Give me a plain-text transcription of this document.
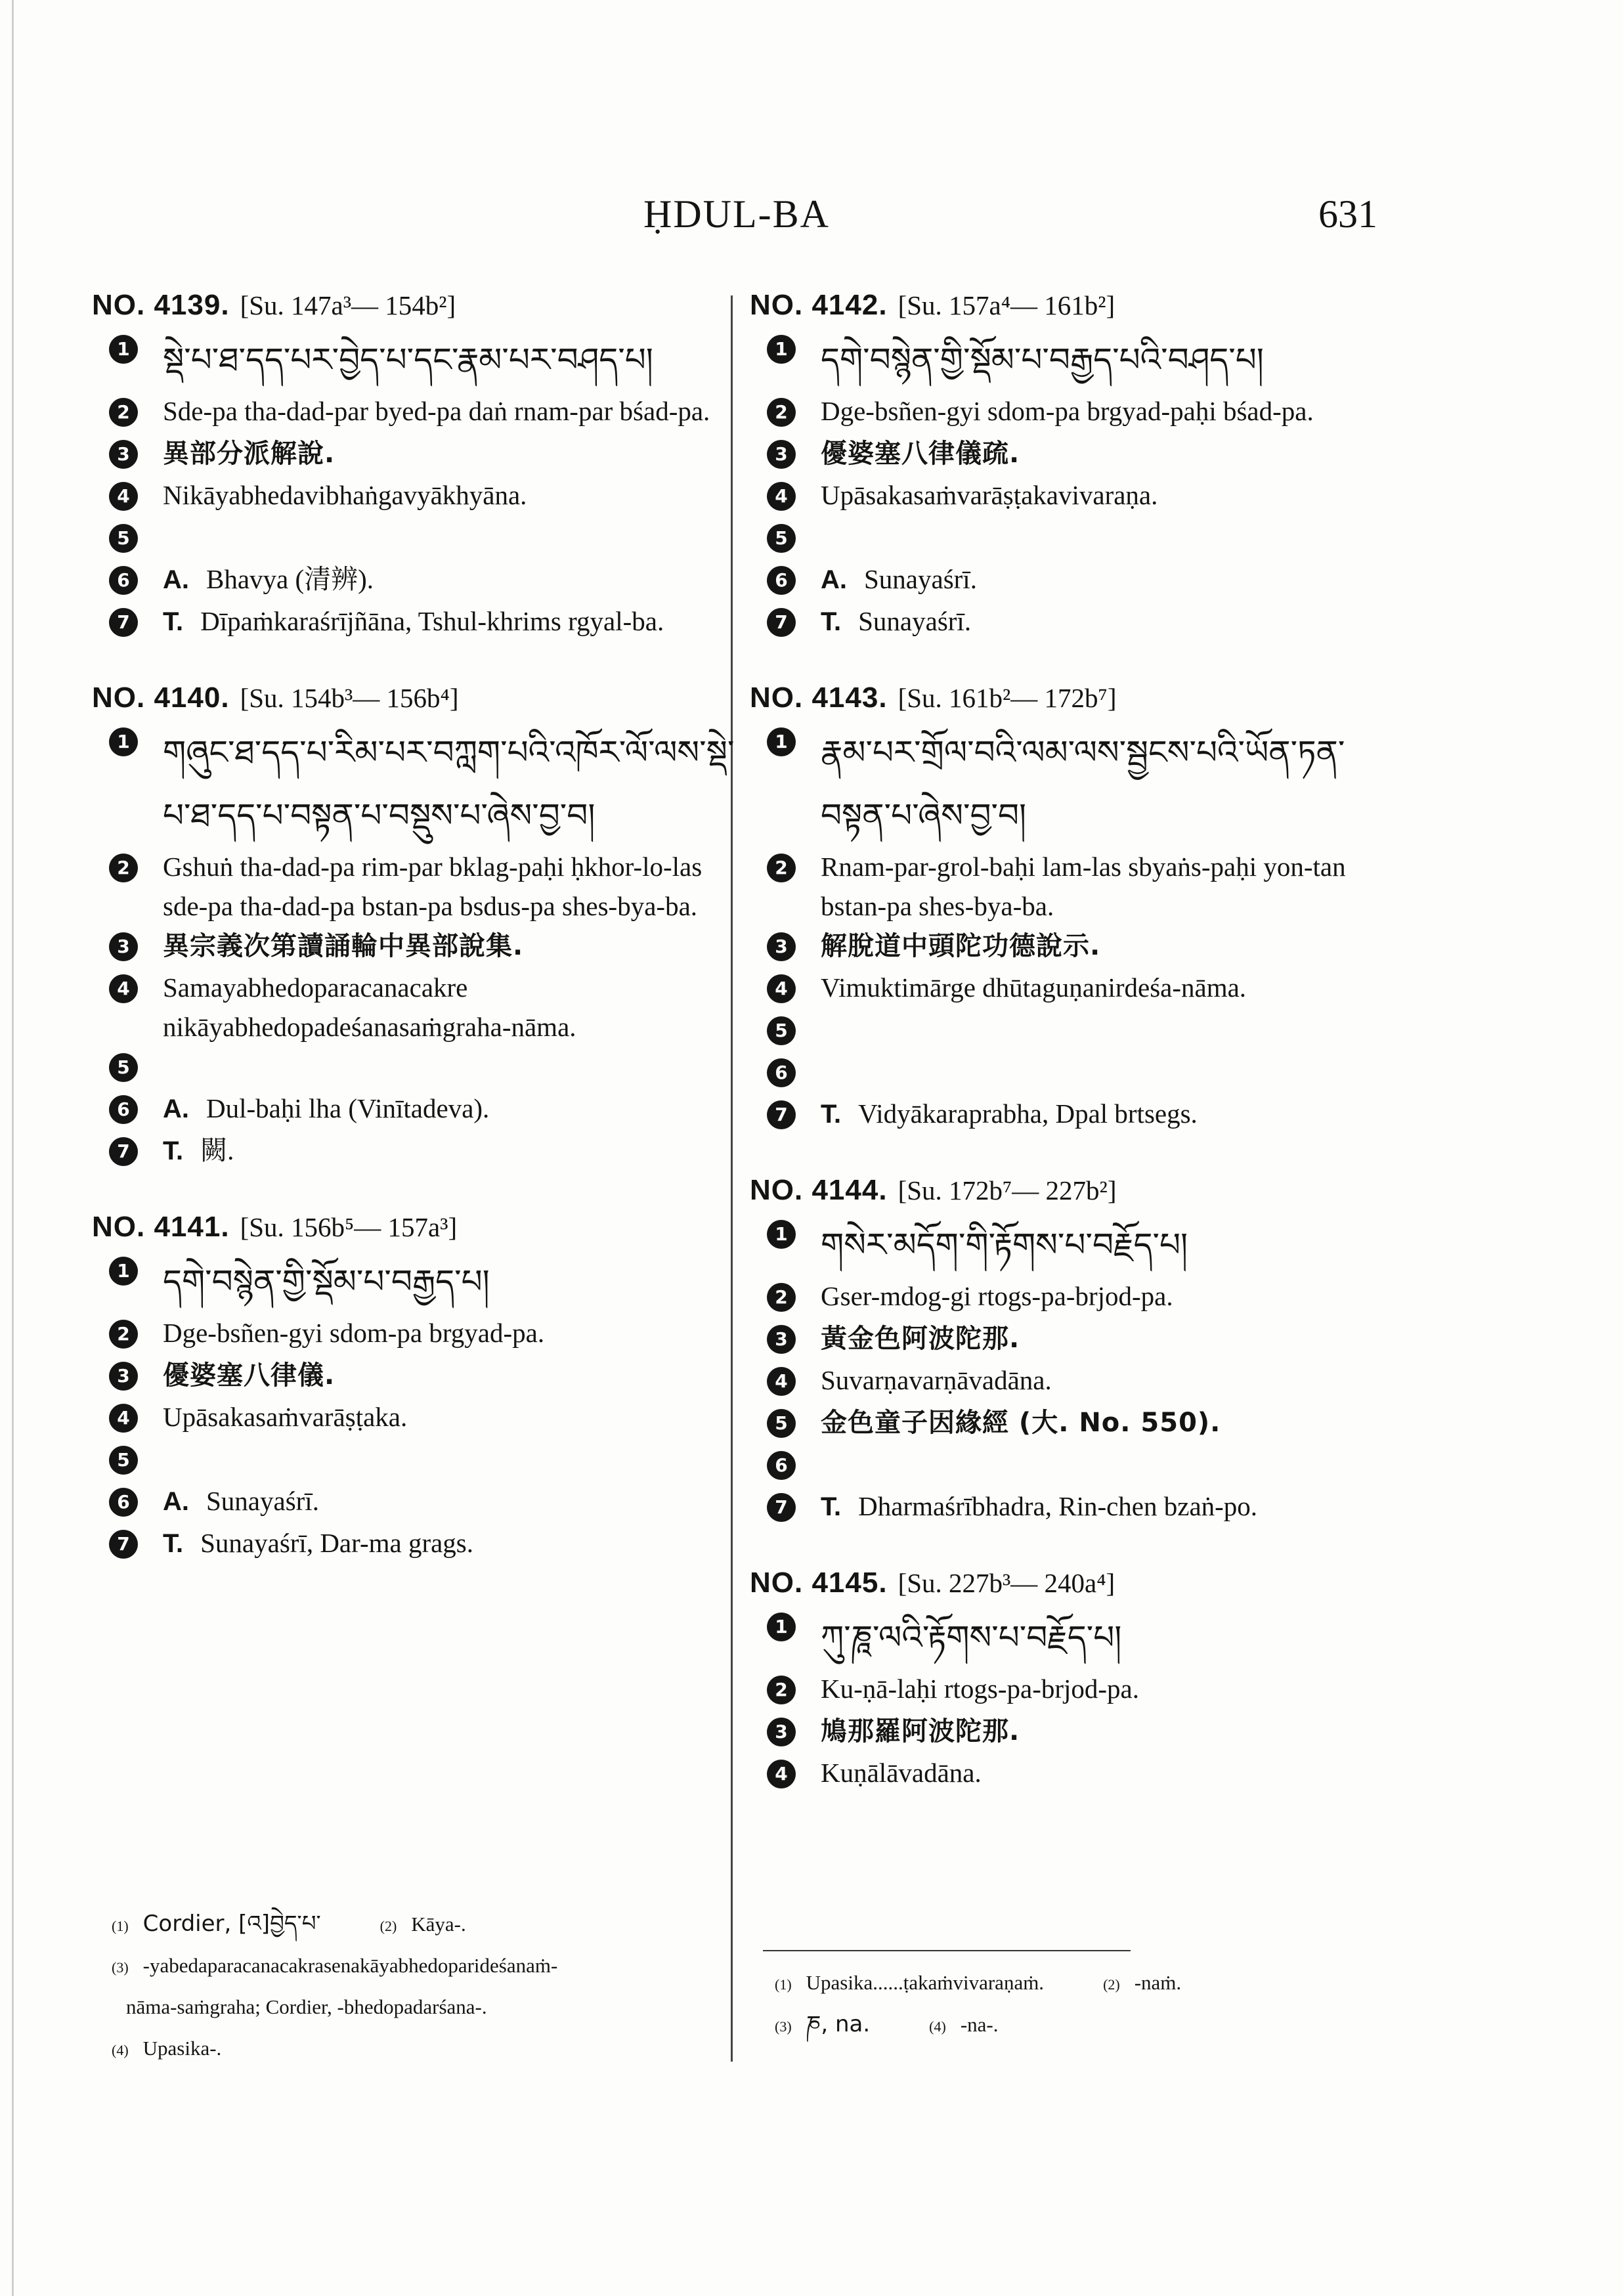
ḤDUL-BA	631
NO. 4139. [Su. 147a³— 154b²]
1 སྡེ་པ་ཐ་དད་པར་བྱེད་པ་དང་རྣམ་པར་བཤད་པ།
2 Sde-pa tha-dad-par byed-pa daṅ rnam-par bśad-pa.
3	異部分派解說.
4 Nikāyabhedavibhaṅgavyākhyāna.
5
6	A. Bhavya (清辨).
7	T. Dīpaṁkaraśrījñāna, Tshul-khrims rgyal-ba.
NO. 4140. [Su. 154b³— 156b⁴]
1 གཞུང་ཐ་དད་པ་རིམ་པར་བཀླག་པའི་འཁོར་ལོ་ལས་སྡེ་པ་ཐ་དད་པ་བསྟན་པ་བསྡུས་པ་ཞེས་བྱ་བ།
2 Gshuṅ tha-dad-pa rim-par bklag-paḥi ḥkhor-lo-las sde-pa tha-dad-pa bstan-pa bsdus-pa shes-bya-ba.
3	異宗義次第讀誦輪中異部說集.
4 Samayabhedoparacanacakre nikāyabhedopadeśanasaṁgraha-nāma.
5
6	A. Dul-baḥi lha (Vinītadeva).
7	T. 闕.
NO. 4141. [Su. 156b⁵— 157a³]
1 དགེ་བསྙེན་གྱི་སྡོམ་པ་བརྒྱད་པ།
2 Dge-bsñen-gyi sdom-pa brgyad-pa.
3	優婆塞八律儀.
4 Upāsakasaṁvarāṣṭaka.
5
6	A. Sunayaśrī.
7	T. Sunayaśrī, Dar-ma grags.
NO. 4142. [Su. 157a⁴— 161b²]
1 དགེ་བསྙེན་གྱི་སྡོམ་པ་བརྒྱད་པའི་བཤད་པ།
2 Dge-bsñen-gyi sdom-pa brgyad-paḥi bśad-pa.
3	優婆塞八律儀疏.
4 Upāsakasaṁvarāṣṭakavivaraṇa.
5
6	A. Sunayaśrī.
7	T. Sunayaśrī.
NO. 4143. [Su. 161b²— 172b⁷]
1 རྣམ་པར་གྲོལ་བའི་ལམ་ལས་སྦྱངས་པའི་ཡོན་ཏན་བསྟན་པ་ཞེས་བྱ་བ།
2 Rnam-par-grol-baḥi lam-las sbyaṅs-paḥi yon-tan bstan-pa shes-bya-ba.
3	解脫道中頭陀功德說示.
4 Vimuktimārge dhūtaguṇanirdeśa-nāma.
5
6
7	T. Vidyākaraprabha, Dpal brtsegs.
NO. 4144. [Su. 172b⁷— 227b²]
1 གསེར་མདོག་གི་རྟོགས་པ་བརྗོད་པ།
2 Gser-mdog-gi rtogs-pa-brjod-pa.
3	黃金色阿波陀那.
4 Suvarṇavarṇāvadāna.
5	金色童子因緣經 (大. No. 550).
6
7	T. Dharmaśrībhadra, Rin-chen bzaṅ-po.
NO. 4145. [Su. 227b³— 240a⁴]
1 ཀུ་ཎཱ་ལའི་རྟོགས་པ་བརྗོད་པ།
2 Ku-ṇā-laḥi rtogs-pa-brjod-pa.
3	鳩那羅阿波陀那.
4 Kuṇālāvadāna.
(1) Cordier, [འ]བྱེད་པ་	(2) Kāya-.
(3) -yabedaparacanacakrasenakāyabhedoparideśanaṁ-
nāma-saṁgraha; Cordier, -bhedopadarśana-.
(4) Upasika-.
(1) Upasika......ṭakaṁvivaraṇaṁ.	(2) -naṁ.
(3) ཎ, na.	(4) -na-.
